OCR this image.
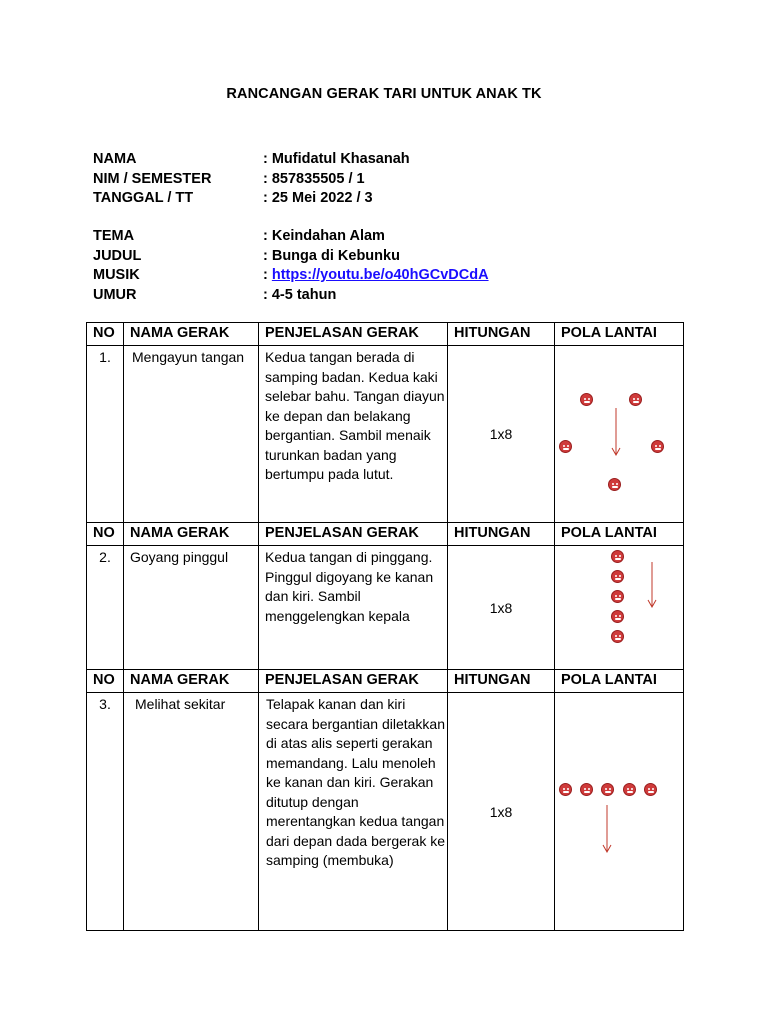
RANCANGAN GERAK TARI UNTUK ANAK TK
NAMA	: Mufidatul Khasanah
NIM / SEMESTER	: 857835505 / 1
TANGGAL / TT	: 25 Mei 2022 / 3
TEMA	: Keindahan Alam
JUDUL	: Bunga di Kebunku
MUSIK	: https://youtu.be/o40hGCvDCdA
UMUR	: 4-5 tahun
NO	NAMA GERAK	PENJELASAN GERAK	HITUNGAN	POLA LANTAI
1.	Mengayun tangan	Kedua tangan berada di samping badan. Kedua kaki selebar bahu. Tangan diayun ke depan dan belakang bergantian. Sambil menaik turunkan badan yang bertumpu pada lutut.	1x8	

NO	NAMA GERAK	PENJELASAN GERAK	HITUNGAN	POLA LANTAI
2.	Goyang pinggul	Kedua tangan di pinggang. Pinggul digoyang ke kanan dan kiri. Sambil menggelengkan kepala	1x8	

NO	NAMA GERAK	PENJELASAN GERAK	HITUNGAN	POLA LANTAI
3.	Melihat sekitar	Telapak kanan dan kiri secara bergantian diletakkan di atas alis seperti gerakan memandang. Lalu menoleh ke kanan dan kiri. Gerakan ditutup dengan merentangkan kedua tangan dari depan dada bergerak ke samping (membuka)	1x8	
